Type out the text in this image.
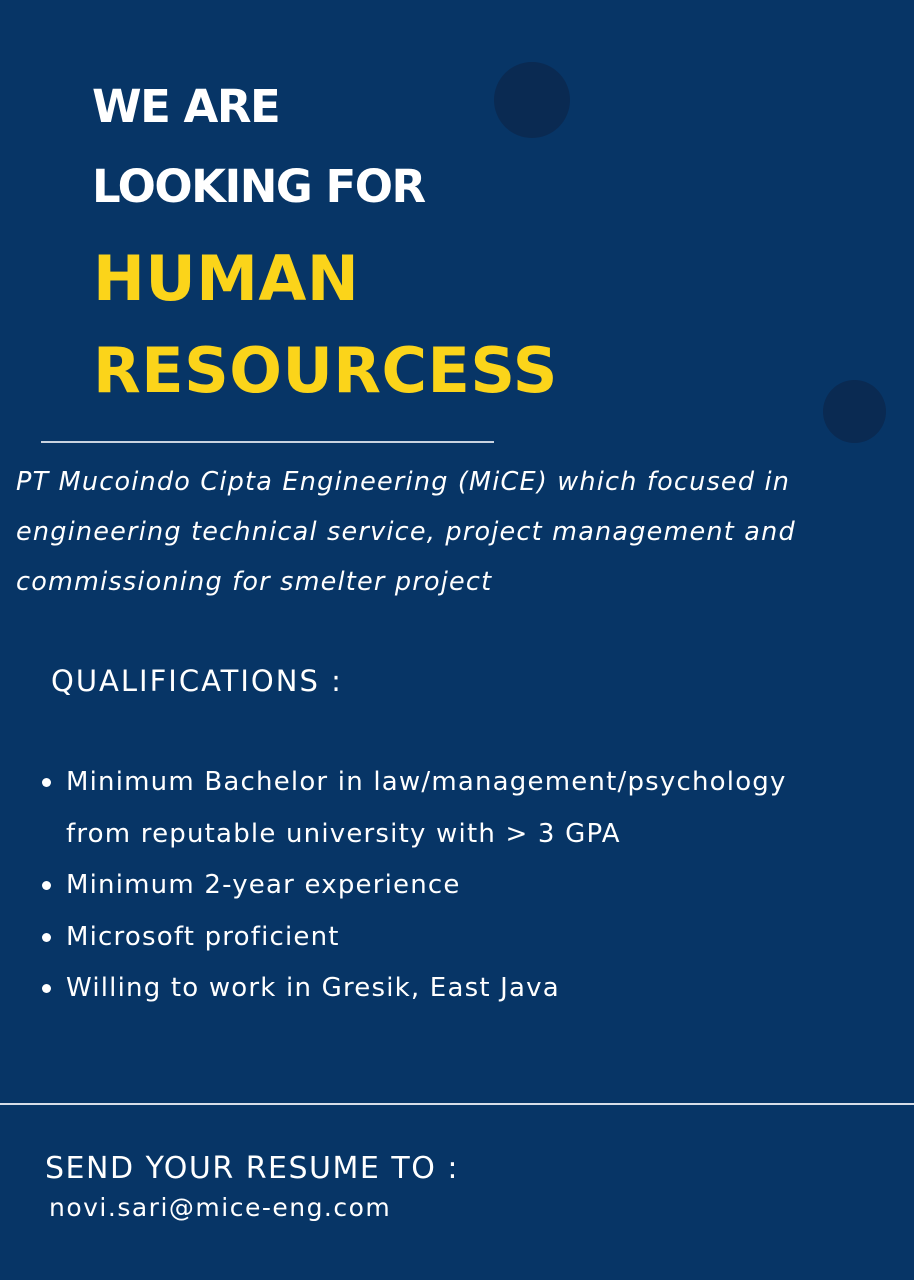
WE ARE
LOOKING FOR
HUMAN
RESOURCESS
PT Mucoindo Cipta Engineering (MiCE) which focused in
engineering technical service, project management and
commissioning for smelter project
QUALIFICATIONS :
Minimum Bachelor in law/management/psychology
from reputable university with > 3 GPA
Minimum 2-year experience
Microsoft proficient
Willing to work in Gresik, East Java
SEND YOUR RESUME TO :
novi.sari@mice-eng.com
